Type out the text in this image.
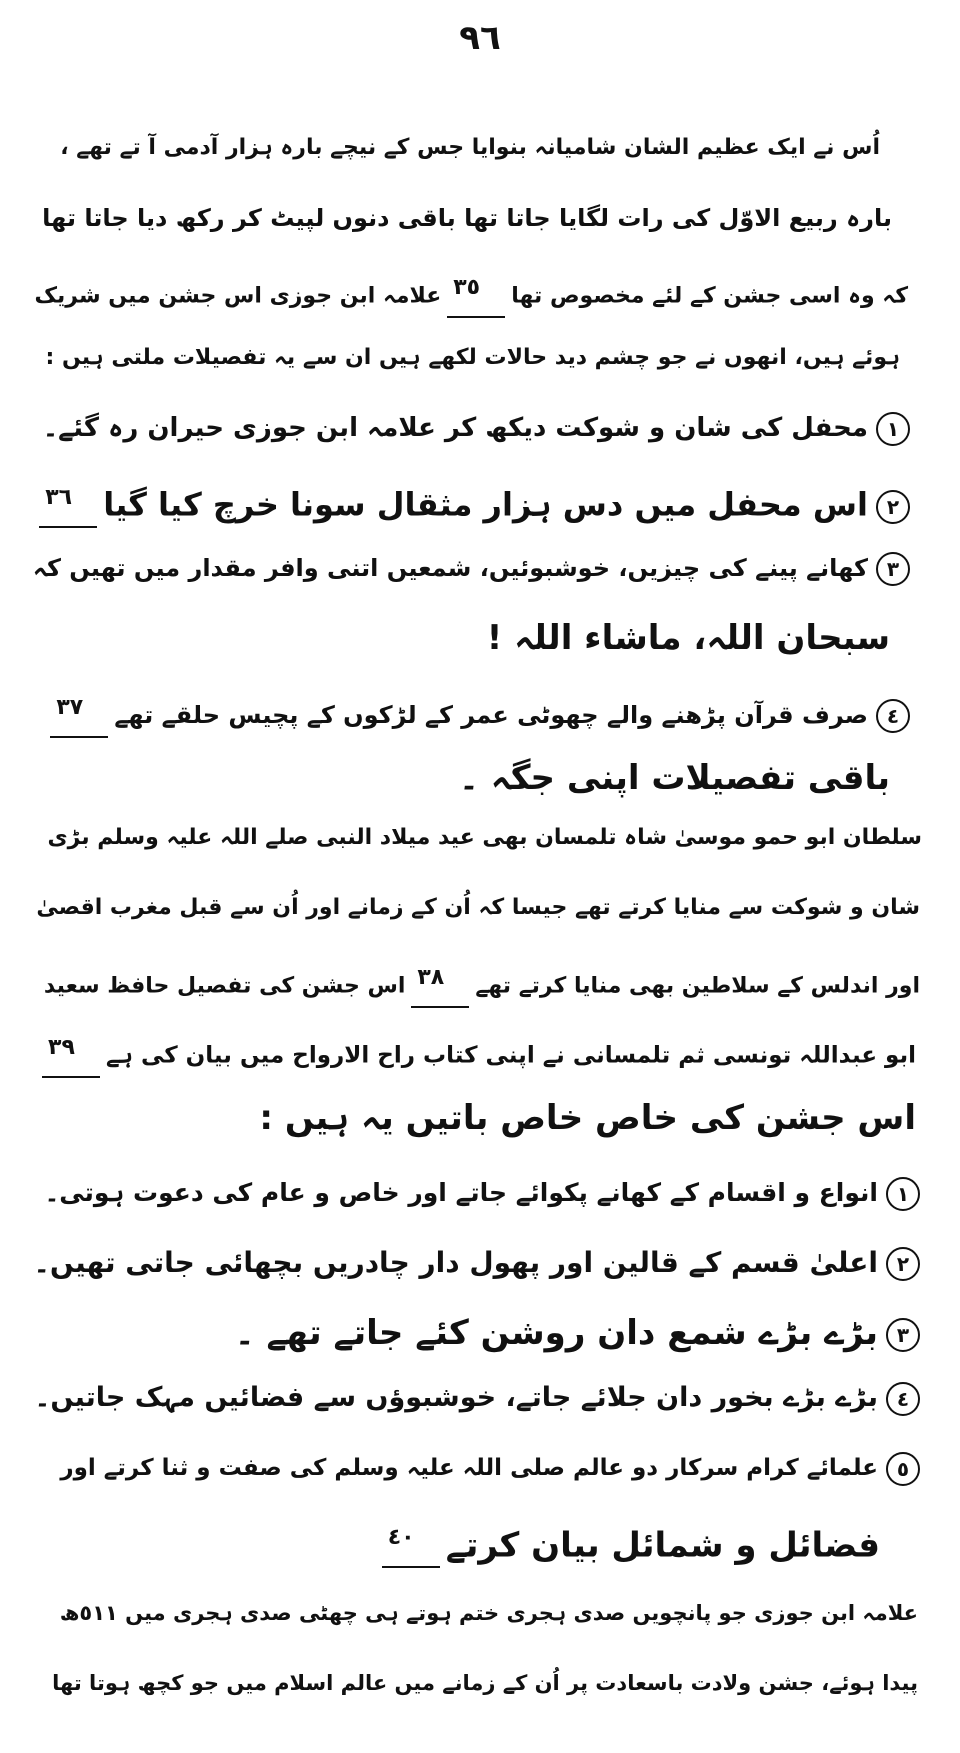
٩٦
اُس نے ایک عظیم الشان شامیانہ بنوایا جس کے نیچے بارہ ہزار آدمی آ تے تھے ،
بارہ ربیع الاوّل کی رات لگایا جاتا تھا باقی دنوں لپیٹ کر رکھ دیا جاتا تھا
کہ وہ اسی جشن کے لئے مخصوص تھا٣٥علامہ ابن جوزی اس جشن میں شریک
ہوئے ہیں، انھوں نے جو چشم دید حالات لکھے ہیں ان سے یہ تفصیلات ملتی ہیں :
١محفل کی شان و شوکت دیکھ کر علامہ ابن جوزی حیران رہ گئے۔
٢اس محفل میں دس ہزار مثقال سونا خرچ کیا گیا٣٦
٣کھانے پینے کی چیزیں، خوشبوئیں، شمعیں اتنی وافر مقدار میں تھیں کہ
سبحان اللہ، ماشاء اللہ !
٤صرف قرآن پڑھنے والے چھوٹی عمر کے لڑکوں کے پچیس حلقے تھے٣٧
باقی تفصیلات اپنی جگہ ۔
سلطان ابو حمو موسیٰ شاہ تلمسان بھی عید میلاد النبی صلے اللہ علیہ وسلم بڑی
شان و شوکت سے منایا کرتے تھے جیسا کہ اُن کے زمانے اور اُن سے قبل مغرب اقصیٰ
اور اندلس کے سلاطین بھی منایا کرتے تھے٣٨اس جشن کی تفصیل حافظ سعید
ابو عبداللہ تونسی ثم تلمسانی نے اپنی کتاب راح الارواح میں بیان کی ہے٣٩
اس جشن کی خاص خاص باتیں یہ ہیں :
١انواع و اقسام کے کھانے پکوائے جاتے اور خاص و عام کی دعوت ہوتی۔
٢اعلیٰ قسم کے قالین اور پھول دار چادریں بچھائی جاتی تھیں۔
٣بڑے بڑے شمع دان روشن کئے جاتے تھے ۔
٤بڑے بڑے بخور دان جلائے جاتے، خوشبوؤں سے فضائیں مہک جاتیں۔
٥علمائے کرام سرکار دو عالم صلی اللہ علیہ وسلم کی صفت و ثنا کرتے اور
فضائل و شمائل بیان کرتے٤٠
علامہ ابن جوزی جو پانچویں صدی ہجری ختم ہوتے ہی چھٹی صدی ہجری میں ٥١١ھ
پیدا ہوئے، جشن ولادت باسعادت پر اُن کے زمانے میں عالم اسلام میں جو کچھ ہوتا تھا
